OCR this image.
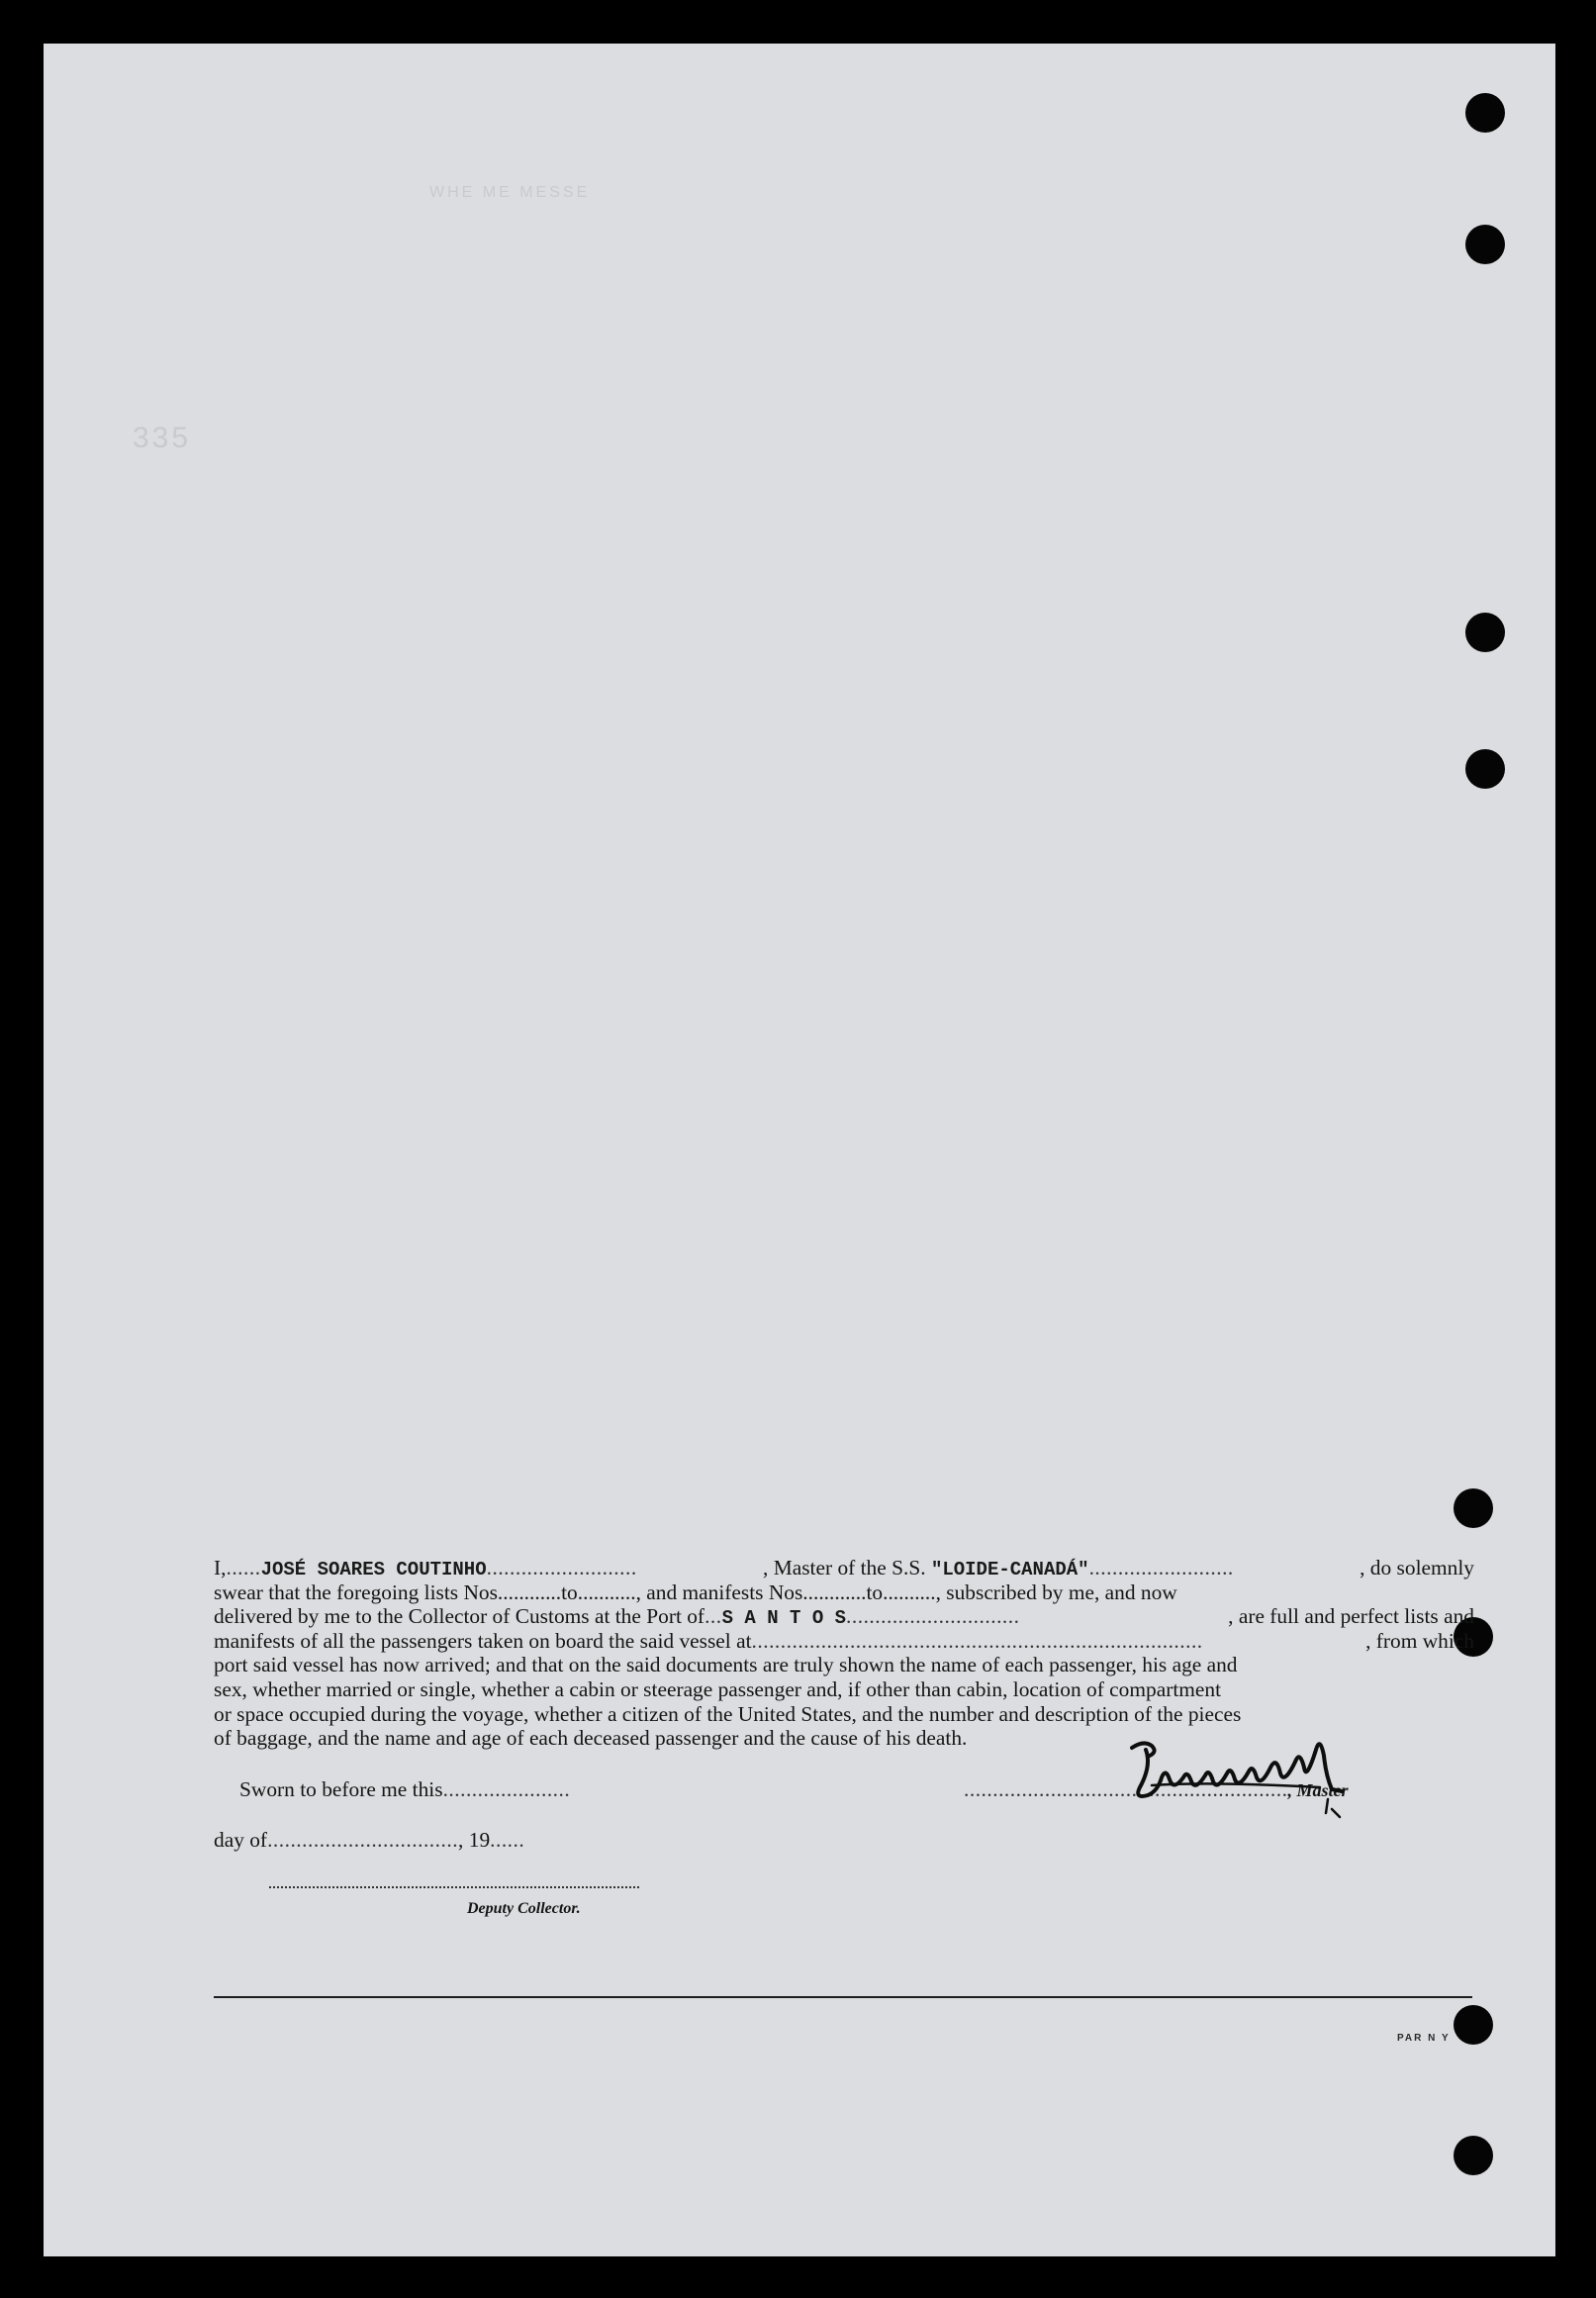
WHE ME MESSE
335
I,......JOSÉ SOARES COUTINHO..........................	, Master of the S.S. "LOIDE-CANADÁ".........................	, do solemnly
swear that the foregoing lists Nos............to..........., and manifests Nos............to.........., subscribed by me, and now
delivered by me to the Collector of Customs at the Port of...S A N T O S..............................	, are full and perfect lists and
manifests of all the passengers taken on board the said vessel at..............................................................................	, from which
port said vessel has now arrived; and that on the said documents are truly shown the name of each passenger, his age and
sex, whether married or single, whether a cabin or steerage passenger and, if other than cabin, location of compartment
or space occupied during the voyage, whether a citizen of the United States, and the number and description of the pieces
of baggage, and the name and age of each deceased passenger and the cause of his death.
Sworn to before me this......................
day of................................., 19......
Deputy Collector.
........................................................, Master
PAR N Y
